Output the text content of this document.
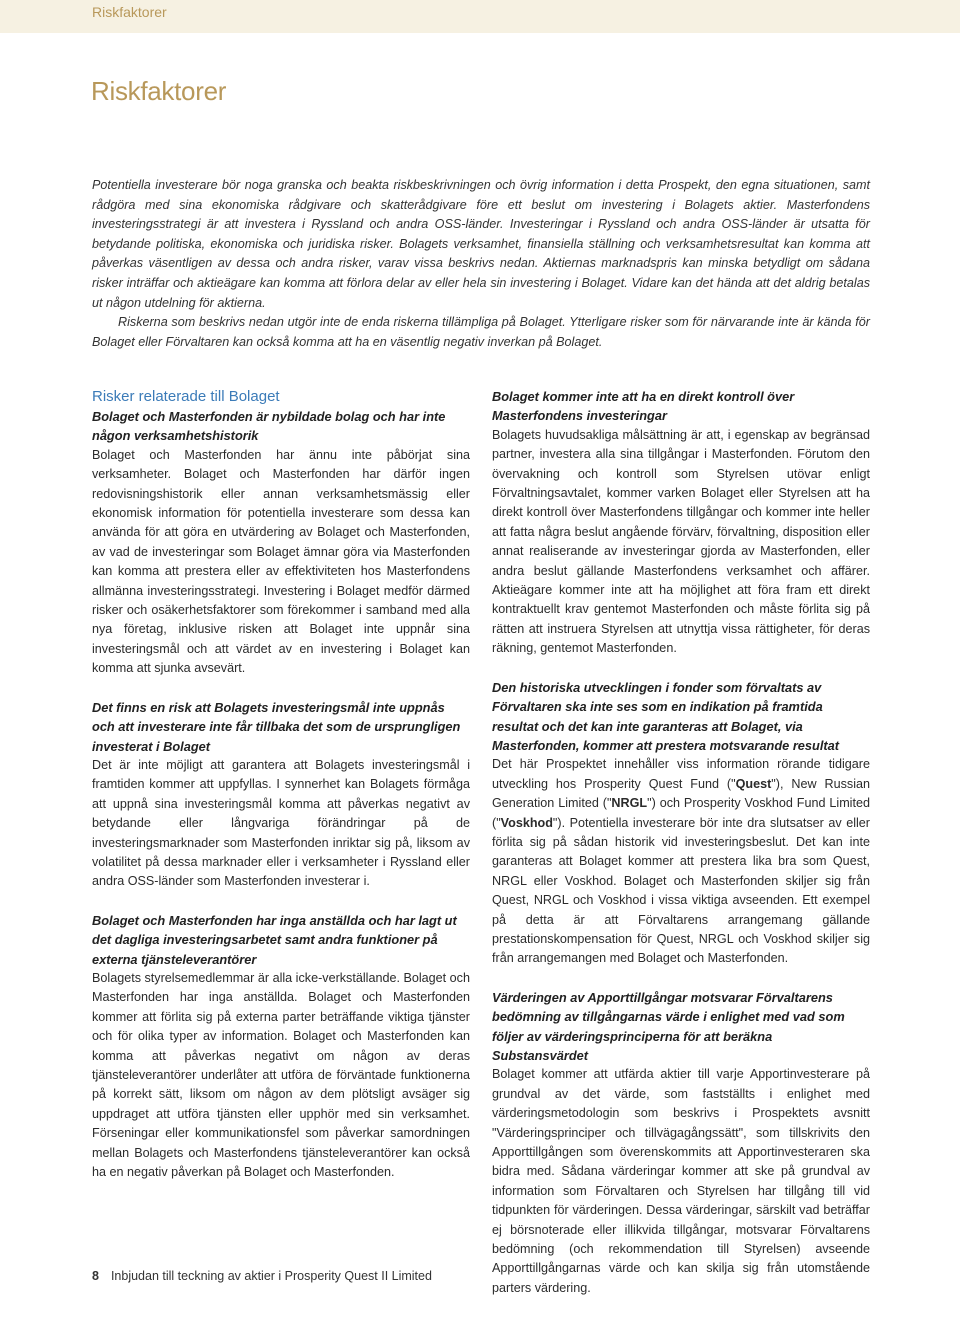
Riskfaktorer
Riskfaktorer

Potentiella investerare bör noga granska och beakta riskbeskrivningen och övrig information i detta Prospekt, den egna situationen, samt rådgöra med sina ekonomiska rådgivare och skatterådgivare före ett beslut om investering i Bolagets aktier. Masterfondens investeringsstrategi är att investera i Ryssland och andra OSS-länder. Investeringar i Ryssland och andra OSS-länder är utsatta för betydande politiska, ekonomiska och juridiska risker. Bolagets verksamhet, finansiella ställning och verksamhetsresultat kan komma att påverkas väsentligen av dessa och andra risker, varav vissa beskrivs nedan. Aktiernas marknadspris kan minska betydligt om sådana risker inträffar och aktieägare kan komma att förlora delar av eller hela sin investering i Bolaget. Vidare kan det hända att det aldrig betalas ut någon utdelning för aktierna.

Riskerna som beskrivs nedan utgör inte de enda riskerna tillämpliga på Bolaget. Ytterligare risker som för närvarande inte är kända för Bolaget eller Förvaltaren kan också komma att ha en väsentlig negativ inverkan på Bolaget.

Risker relaterade till Bolaget
Bolaget och Masterfonden är nybildade bolag och har inte någon verksamhetshistorik

Bolaget och Masterfonden har ännu inte påbörjat sina verksamheter. Bolaget och Masterfonden har därför ingen redovisningshistorik eller annan verksamhetsmässig eller ekonomisk information för potentiella investerare som dessa kan använda för att göra en utvärdering av Bolaget och Masterfonden, av vad de investeringar som Bolaget ämnar göra via Masterfonden kan komma att prestera eller av effektiviteten hos Masterfondens allmänna investeringsstrategi. Investering i Bolaget medför därmed risker och osäkerhetsfaktorer som förekommer i samband med alla nya företag, inklusive risken att Bolaget inte uppnår sina investeringsmål och att värdet av en investering i Bolaget kan komma att sjunka avsevärt.

Det finns en risk att Bolagets investeringsmål inte uppnås och att investerare inte får tillbaka det som de ursprungligen investerat i Bolaget

Det är inte möjligt att garantera att Bolagets investeringsmål i framtiden kommer att uppfyllas. I synnerhet kan Bolagets förmåga att uppnå sina investeringsmål komma att påverkas negativt av betydande eller långvariga förändringar på de investeringsmarknader som Masterfonden inriktar sig på, liksom av volatilitet på dessa marknader eller i verksamheter i Ryssland eller andra OSS-länder som Masterfonden investerar i.

Bolaget och Masterfonden har inga anställda och har lagt ut det dagliga investeringsarbetet samt andra funktioner på externa tjänsteleverantörer

Bolagets styrelsemedlemmar är alla icke-verkställande. Bolaget och Masterfonden har inga anställda. Bolaget och Masterfonden kommer att förlita sig på externa parter beträffande viktiga tjänster och för olika typer av information. Bolaget och Masterfonden kan komma att påverkas negativt om någon av deras tjänsteleverantörer underlåter att utföra de förväntade funktionerna på korrekt sätt, liksom om någon av dem plötsligt avsäger sig uppdraget att utföra tjänsten eller upphör med sin verksamhet. Förseningar eller kommunikationsfel som påverkar samordningen mellan Bolagets och Masterfondens tjänsteleverantörer kan också ha en negativ påverkan på Bolaget och Masterfonden.

Bolaget kommer inte att ha en direkt kontroll över Masterfondens investeringar

Bolagets huvudsakliga målsättning är att, i egenskap av begränsad partner, investera alla sina tillgångar i Masterfonden. Förutom den övervakning och kontroll som Styrelsen utövar enligt Förvaltningsavtalet, kommer varken Bolaget eller Styrelsen att ha direkt kontroll över Masterfondens tillgångar och kommer inte heller att fatta några beslut angående förvärv, förvaltning, disposition eller annat realiserande av investeringar gjorda av Masterfonden, eller andra beslut gällande Masterfondens verksamhet och affärer. Aktieägare kommer inte att ha möjlighet att föra fram ett direkt kontraktuellt krav gentemot Masterfonden och måste förlita sig på rätten att instruera Styrelsen att utnyttja vissa rättigheter, för deras räkning, gentemot Masterfonden.

Den historiska utvecklingen i fonder som förvaltats av Förvaltaren ska inte ses som en indikation på framtida resultat och det kan inte garanteras att Bolaget, via Masterfonden, kommer att prestera motsvarande resultat

Det här Prospektet innehåller viss information rörande tidigare utveckling hos Prosperity Quest Fund ("Quest"), New Russian Generation Limited ("NRGL") och Prosperity Voskhod Fund Limited ("Voskhod"). Potentiella investerare bör inte dra slutsatser av eller förlita sig på sådan historik vid investeringsbeslut. Det kan inte garanteras att Bolaget kommer att prestera lika bra som Quest, NRGL eller Voskhod. Bolaget och Masterfonden skiljer sig från Quest, NRGL och Voskhod i vissa viktiga avseenden. Ett exempel på detta är att Förvaltarens arrangemang gällande prestationskompensation för Quest, NRGL och Voskhod skiljer sig från arrangemangen med Bolaget och Masterfonden.

Värderingen av Apporttillgångar motsvarar Förvaltarens bedömning av tillgångarnas värde i enlighet med vad som följer av värderingsprinciperna för att beräkna Substansvärdet

Bolaget kommer att utfärda aktier till varje Apportinvesterare på grundval av det värde, som fastställts i enlighet med värderingsmetodologin som beskrivs i Prospektets avsnitt "Värderingsprinciper och tillvägagångssätt", som tillskrivits den Apporttillgången som överenskommits att Apportinvesteraren ska bidra med. Sådana värderingar kommer att ske på grundval av information som Förvaltaren och Styrelsen har tillgång till vid tidpunkten för värderingen. Dessa värderingar, särskilt vad beträffar ej börsnoterade eller illikvida tillgångar, motsvarar Förvaltarens bedömning (och rekommendation till Styrelsen) avseende Apporttillgångarnas värde och kan skilja sig från utomstående parters värdering.

8 Inbjudan till teckning av aktier i Prosperity Quest II Limited
